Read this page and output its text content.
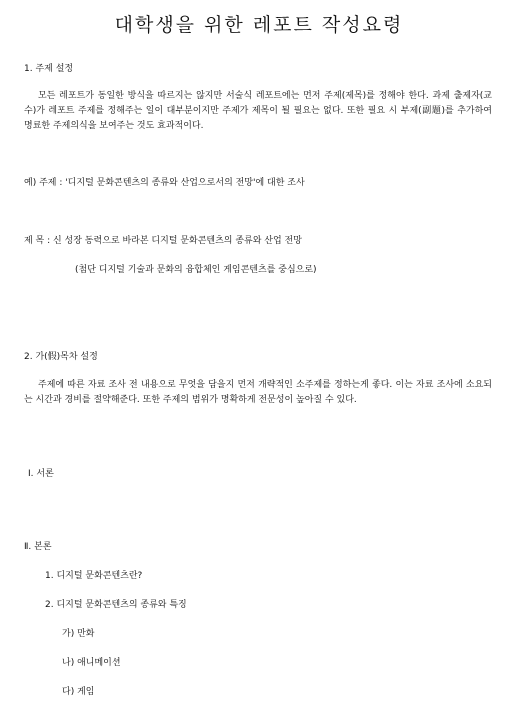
대학생을 위한 레포트 작성요령
1. 주제 설정
모든 레포트가 동일한 방식을 따르지는 않지만 서술식 레포트에는 먼저 주제(제목)를 정해야 한다. 과제 출제자(교수)가 레포트 주제를 정해주는 일이 대부분이지만 주제가 제목이 될 필요는 없다. 또한 필요 시 부제(副題)를 추가하여 명료한 주제의식을 보여주는 것도 효과적이다.
예) 주제 : '디지털 문화콘텐츠의 종류와 산업으로서의 전망'에 대한 조사
제 목 : 신 성장 동력으로 바라본 디지털 문화콘텐츠의 종류와 산업 전망
(첨단 디지털 기술과 문화의 융합체인 게임콘텐츠를 중심으로)
2. 가(假)목차 설정
주제에 따른 자료 조사 전 내용으로 무엇을 담을지 먼저 개략적인 소주제를 정하는게 좋다. 이는 자료 조사에 소요되는 시간과 경비를 절약해준다. 또한 주제의 범위가 명확하게 전문성이 높아질 수 있다.
Ⅰ. 서론
Ⅱ. 본론
1. 디지털 문화콘텐츠란?
2. 디지털 문화콘텐츠의 종류와 특징
가) 만화
나) 애니메이션
다) 게임
